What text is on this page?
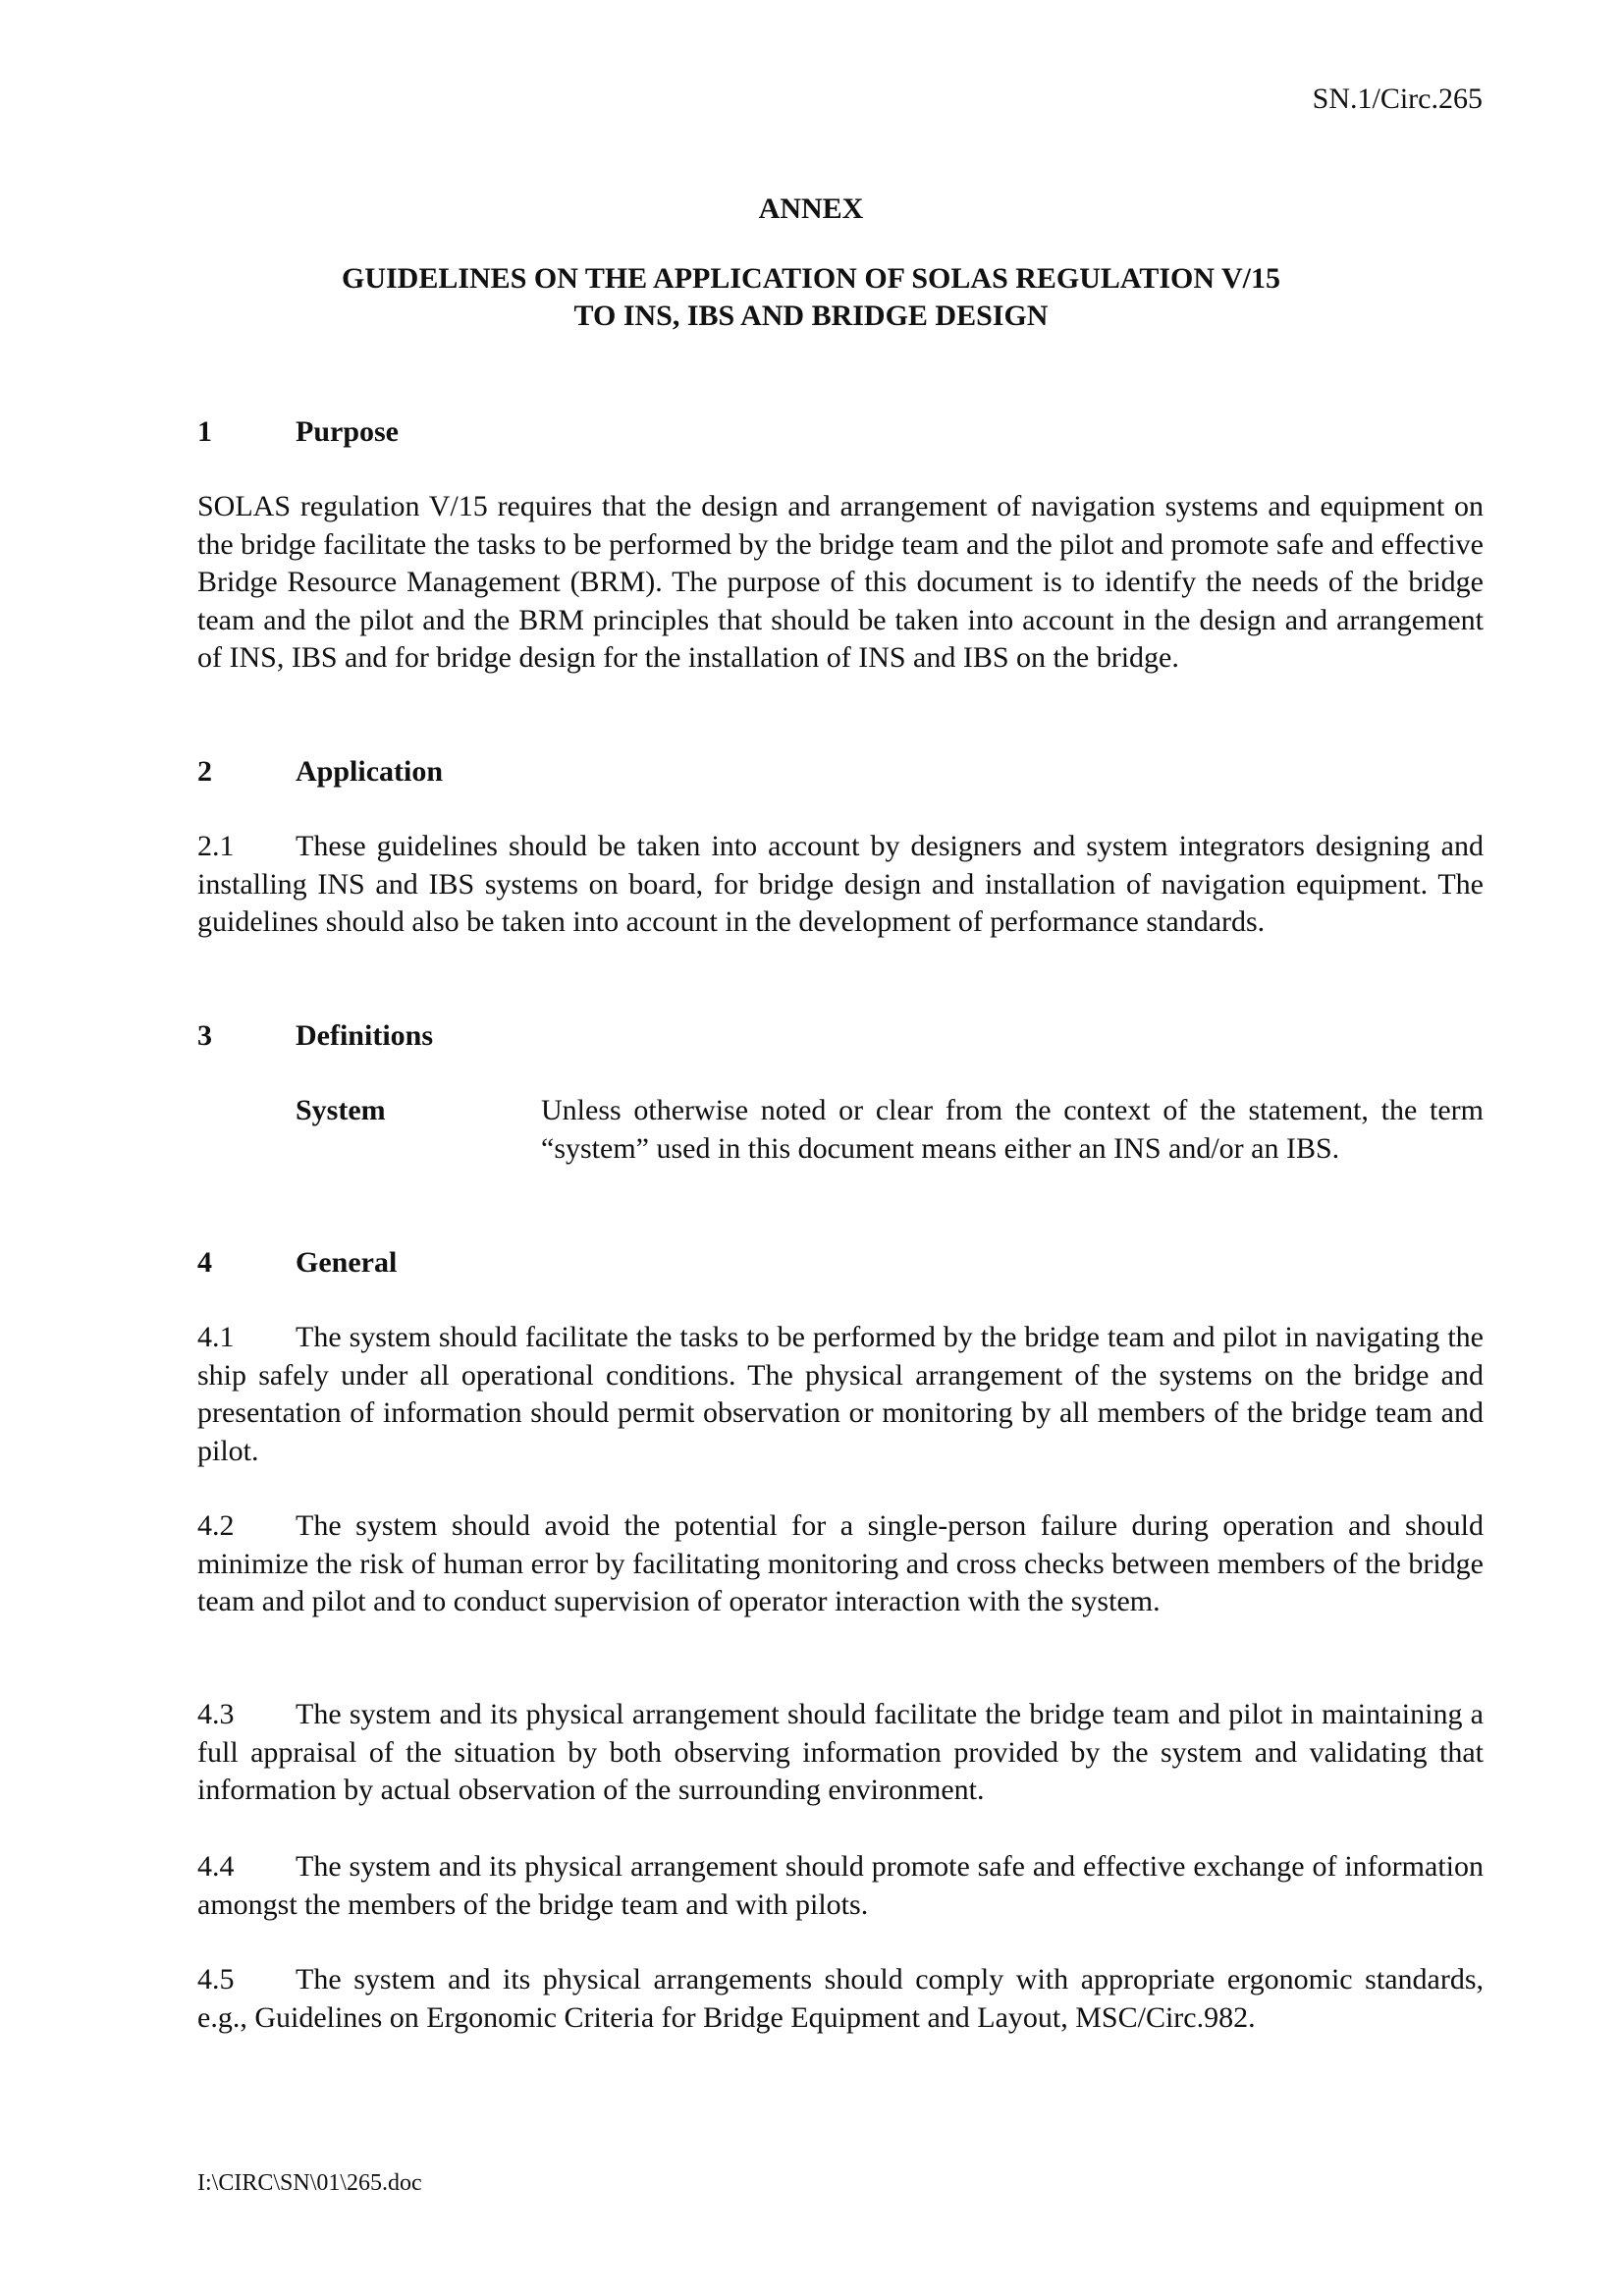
SN.1/Circ.265
ANNEX
GUIDELINES ON THE APPLICATION OF SOLAS REGULATION V/15
TO INS, IBS AND BRIDGE DESIGN
1	Purpose
SOLAS regulation V/15 requires that the design and arrangement of navigation systems and equipment on the bridge facilitate the tasks to be performed by the bridge team and the pilot and promote safe and effective Bridge Resource Management (BRM). The purpose of this document is to identify the needs of the bridge team and the pilot and the BRM principles that should be taken into account in the design and arrangement of INS, IBS and for bridge design for the installation of INS and IBS on the bridge.
2	Application
2.1 These guidelines should be taken into account by designers and system integrators designing and installing INS and IBS systems on board, for bridge design and installation of navigation equipment. The guidelines should also be taken into account in the development of performance standards.
3	Definitions
System	Unless otherwise noted or clear from the context of the statement, the term “system” used in this document means either an INS and/or an IBS.
4	General
4.1 The system should facilitate the tasks to be performed by the bridge team and pilot in navigating the ship safely under all operational conditions. The physical arrangement of the systems on the bridge and presentation of information should permit observation or monitoring by all members of the bridge team and pilot.
4.2 The system should avoid the potential for a single-person failure during operation and should minimize the risk of human error by facilitating monitoring and cross checks between members of the bridge team and pilot and to conduct supervision of operator interaction with the system.
4.3 The system and its physical arrangement should facilitate the bridge team and pilot in maintaining a full appraisal of the situation by both observing information provided by the system and validating that information by actual observation of the surrounding environment.
4.4 The system and its physical arrangement should promote safe and effective exchange of information amongst the members of the bridge team and with pilots.
4.5 The system and its physical arrangements should comply with appropriate ergonomic standards, e.g., Guidelines on Ergonomic Criteria for Bridge Equipment and Layout, MSC/Circ.982.
I:\CIRC\SN\01\265.doc
